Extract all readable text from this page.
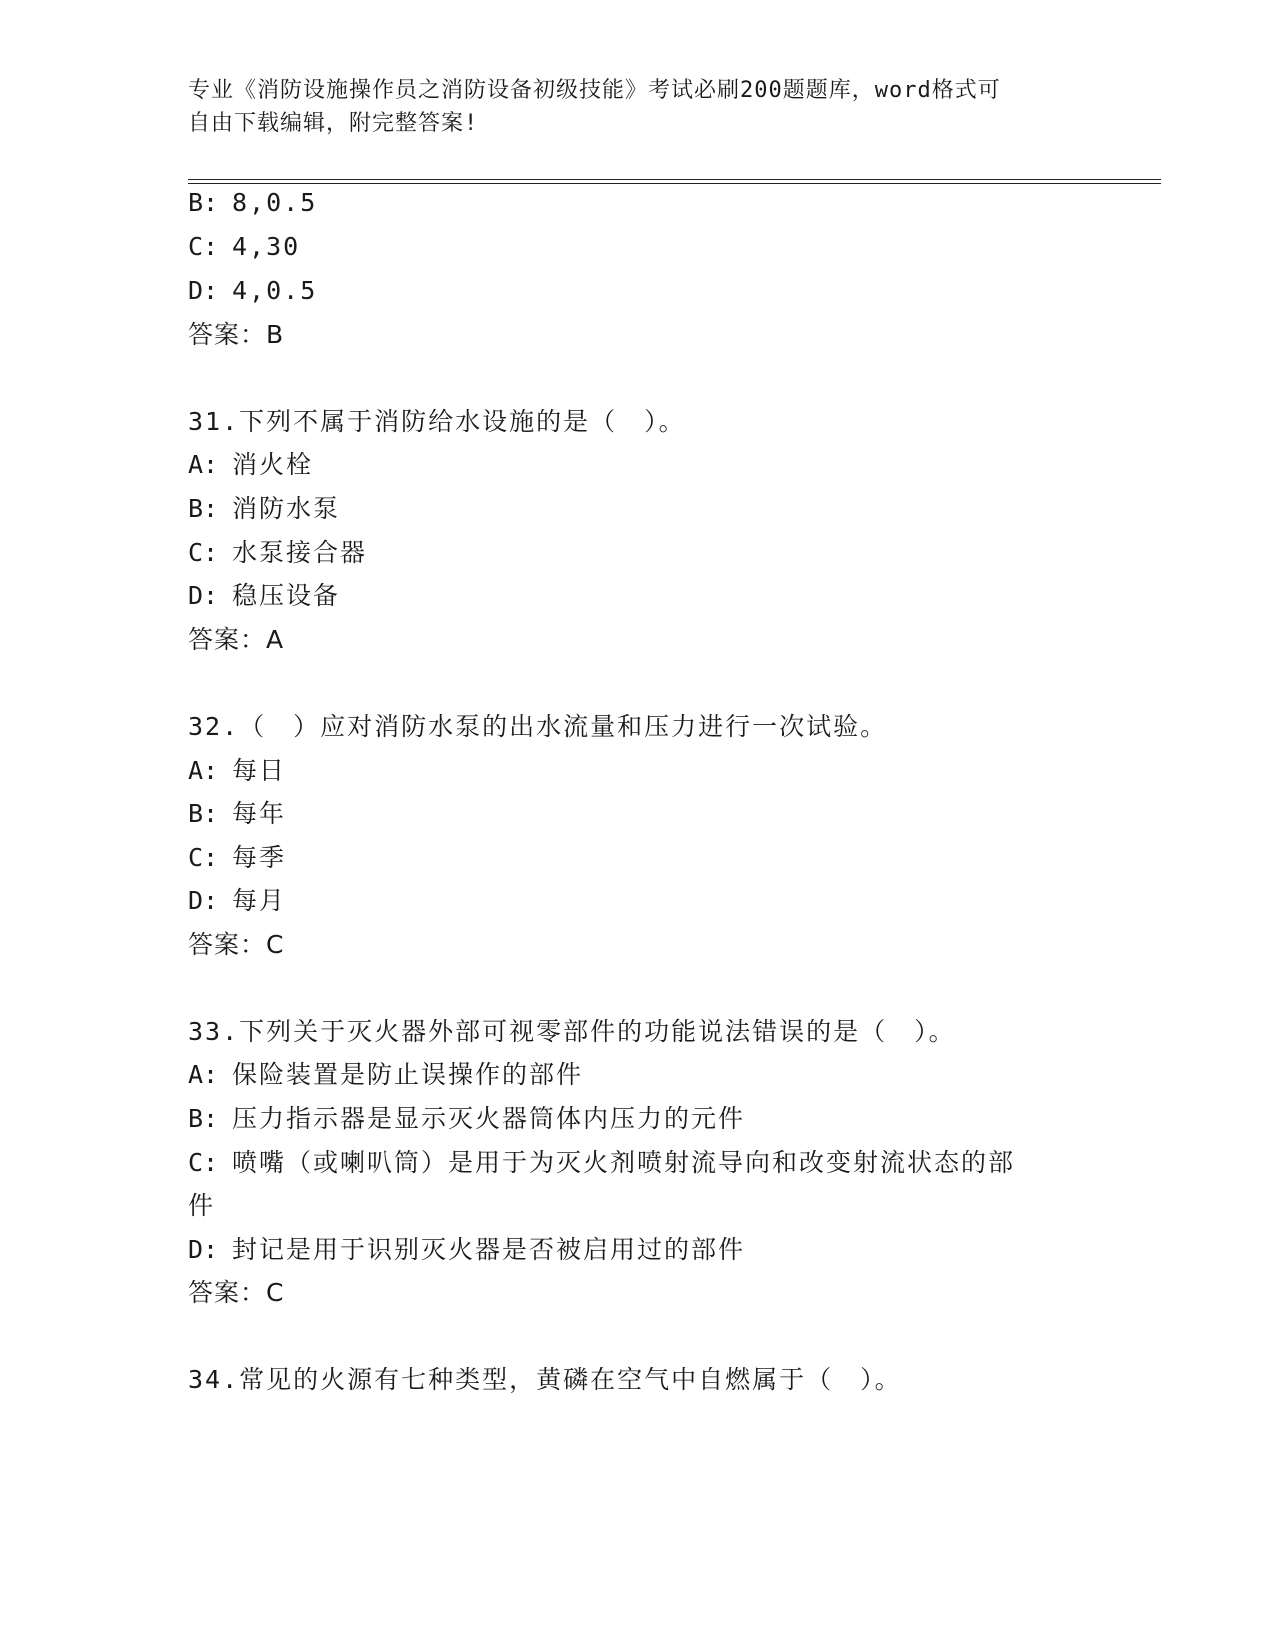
专业《消防设施操作员之消防设备初级技能》考试必刷200题题库，word格式可
自由下载编辑，附完整答案!
B: 8,0.5
C: 4,30
D: 4,0.5
答案：B
31.下列不属于消防给水设施的是（　）。
A: 消火栓
B: 消防水泵
C: 水泵接合器
D: 稳压设备
答案：A
32.（　）应对消防水泵的出水流量和压力进行一次试验。
A: 每日
B: 每年
C: 每季
D: 每月
答案：C
33.下列关于灭火器外部可视零部件的功能说法错误的是（　）。
A: 保险装置是防止误操作的部件
B: 压力指示器是显示灭火器筒体内压力的元件
C: 喷嘴（或喇叭筒）是用于为灭火剂喷射流导向和改变射流状态的部
件
D: 封记是用于识别灭火器是否被启用过的部件
答案：C
34.常见的火源有七种类型，黄磷在空气中自燃属于（　）。
